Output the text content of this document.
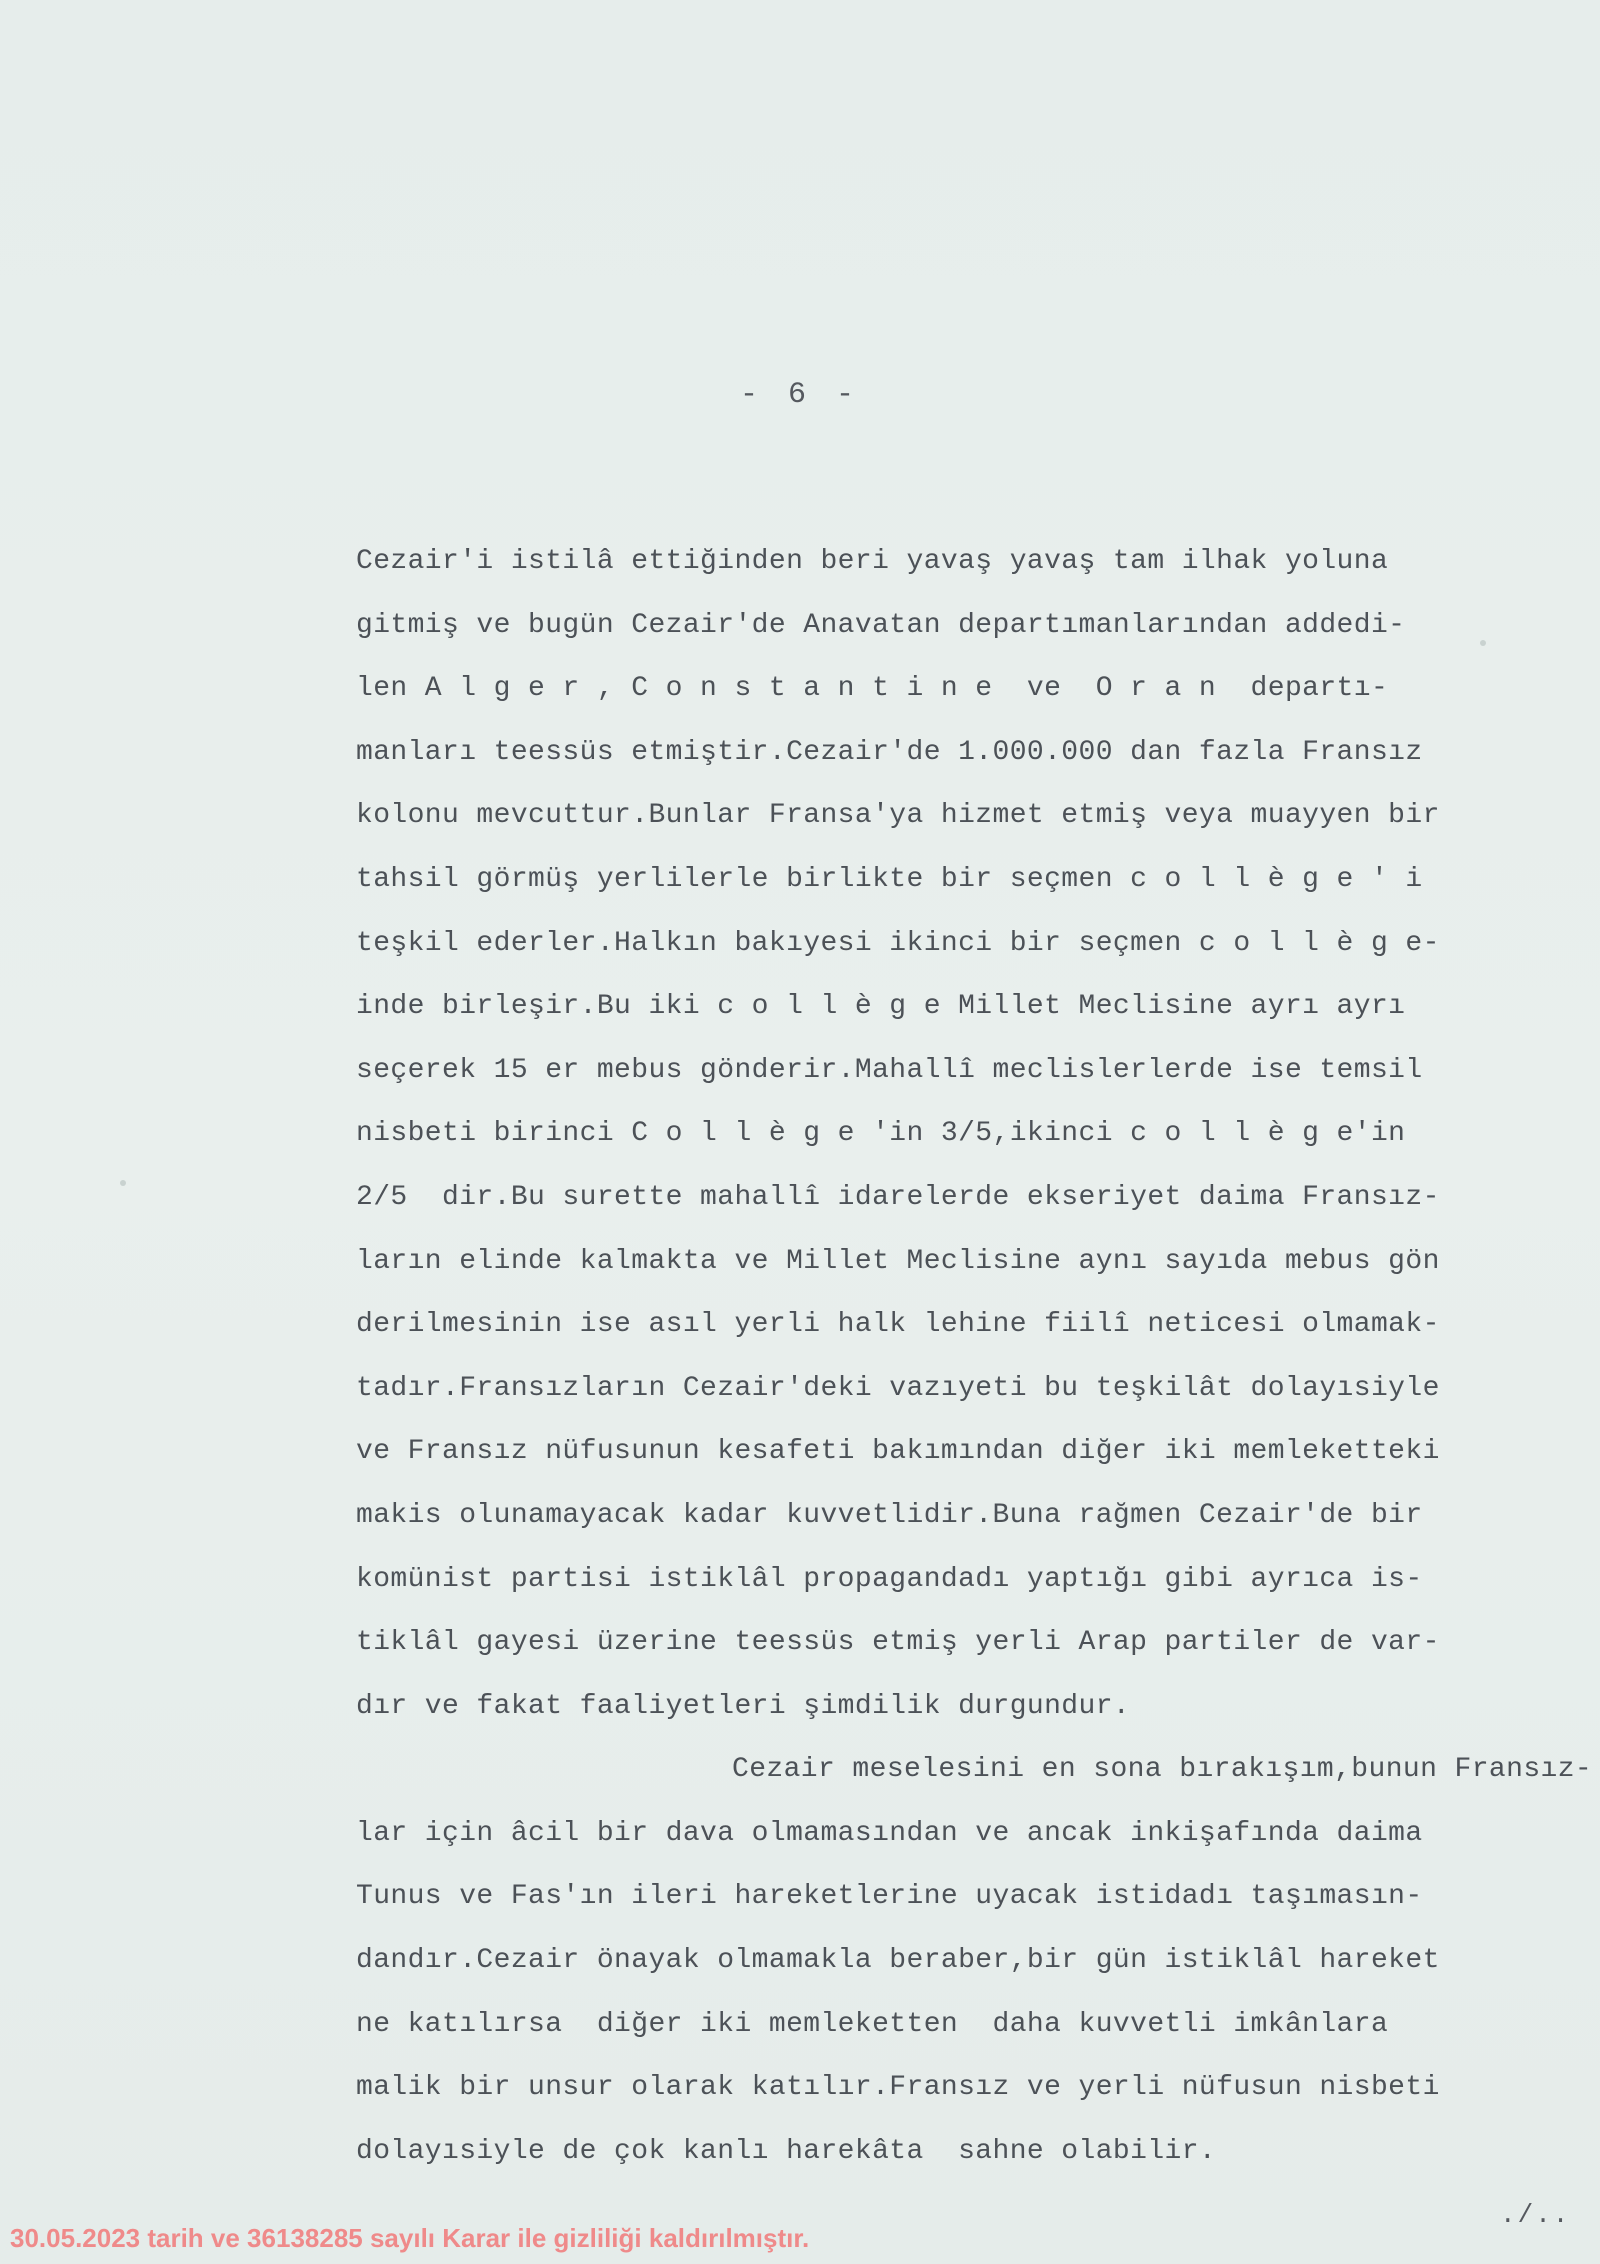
- 6 -
Cezair'i istilâ ettiğinden beri yavaş yavaş tam ilhak yoluna
gitmiş ve bugün Cezair'de Anavatan departımanlarından addedi-
len A l g e r , C o n s t a n t i n e  ve  O r a n  departı-
manları teessüs etmiştir.Cezair'de 1.000.000 dan fazla Fransız
kolonu mevcuttur.Bunlar Fransa'ya hizmet etmiş veya muayyen bir
tahsil görmüş yerlilerle birlikte bir seçmen c o l l è g e ' i
teşkil ederler.Halkın bakıyesi ikinci bir seçmen c o l l è g e-
inde birleşir.Bu iki c o l l è g e Millet Meclisine ayrı ayrı
seçerek 15 er mebus gönderir.Mahallî meclislerlerde ise temsil
nisbeti birinci C o l l è g e 'in 3/5,ikinci c o l l è g e'in
2/5  dir.Bu surette mahallî idarelerde ekseriyet daima Fransız-
ların elinde kalmakta ve Millet Meclisine aynı sayıda mebus gön
derilmesinin ise asıl yerli halk lehine fiilî neticesi olmamak-
tadır.Fransızların Cezair'deki vazıyeti bu teşkilât dolayısiyle
ve Fransız nüfusunun kesafeti bakımından diğer iki memleketteki
makis olunamayacak kadar kuvvetlidir.Buna rağmen Cezair'de bir
komünist partisi istiklâl propagandadı yaptığı gibi ayrıca is-
tiklâl gayesi üzerine teessüs etmiş yerli Arap partiler de var-
dır ve fakat faaliyetleri şimdilik durgundur.
Cezair meselesini en sona bırakışım,bunun Fransız-
lar için âcil bir dava olmamasından ve ancak inkişafında daima
Tunus ve Fas'ın ileri hareketlerine uyacak istidadı taşımasın-
dandır.Cezair önayak olmamakla beraber,bir gün istiklâl hareket
ne katılırsa  diğer iki memleketten  daha kuvvetli imkânlara
malik bir unsur olarak katılır.Fransız ve yerli nüfusun nisbeti
dolayısiyle de çok kanlı harekâta  sahne olabilir.
./..
30.05.2023 tarih ve 36138285 sayılı Karar ile gizliliği kaldırılmıştır.
